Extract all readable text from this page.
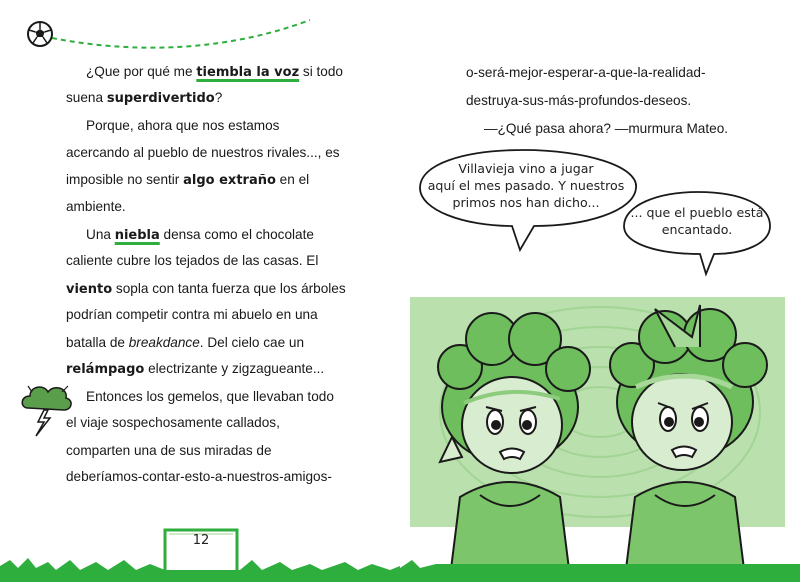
¿Que por qué me tiembla la voz si todo
suena superdivertido?
Porque, ahora que nos estamos
acercando al pueblo de nuestros rivales..., es
imposible no sentir algo extraño en el
ambiente.
Una niebla densa como el chocolate
caliente cubre los tejados de las casas. El
viento sopla con tanta fuerza que los árboles
podrían competir contra mi abuelo en una
batalla de breakdance. Del cielo cae un
relámpago electrizante y zigzagueante...
Entonces los gemelos, que llevaban todo
el viaje sospechosamente callados,
comparten una de sus miradas de
deberíamos-contar-esto-a-nuestros-amigos-
12
o-será-mejor-esperar-a-que-la-realidad-
destruya-sus-más-profundos-deseos.
—¿Qué pasa ahora? —murmura Mateo.
Villavieja vino a jugar
aquí el mes pasado. Y nuestros
primos nos han dicho...
... que el pueblo está
encantado.
